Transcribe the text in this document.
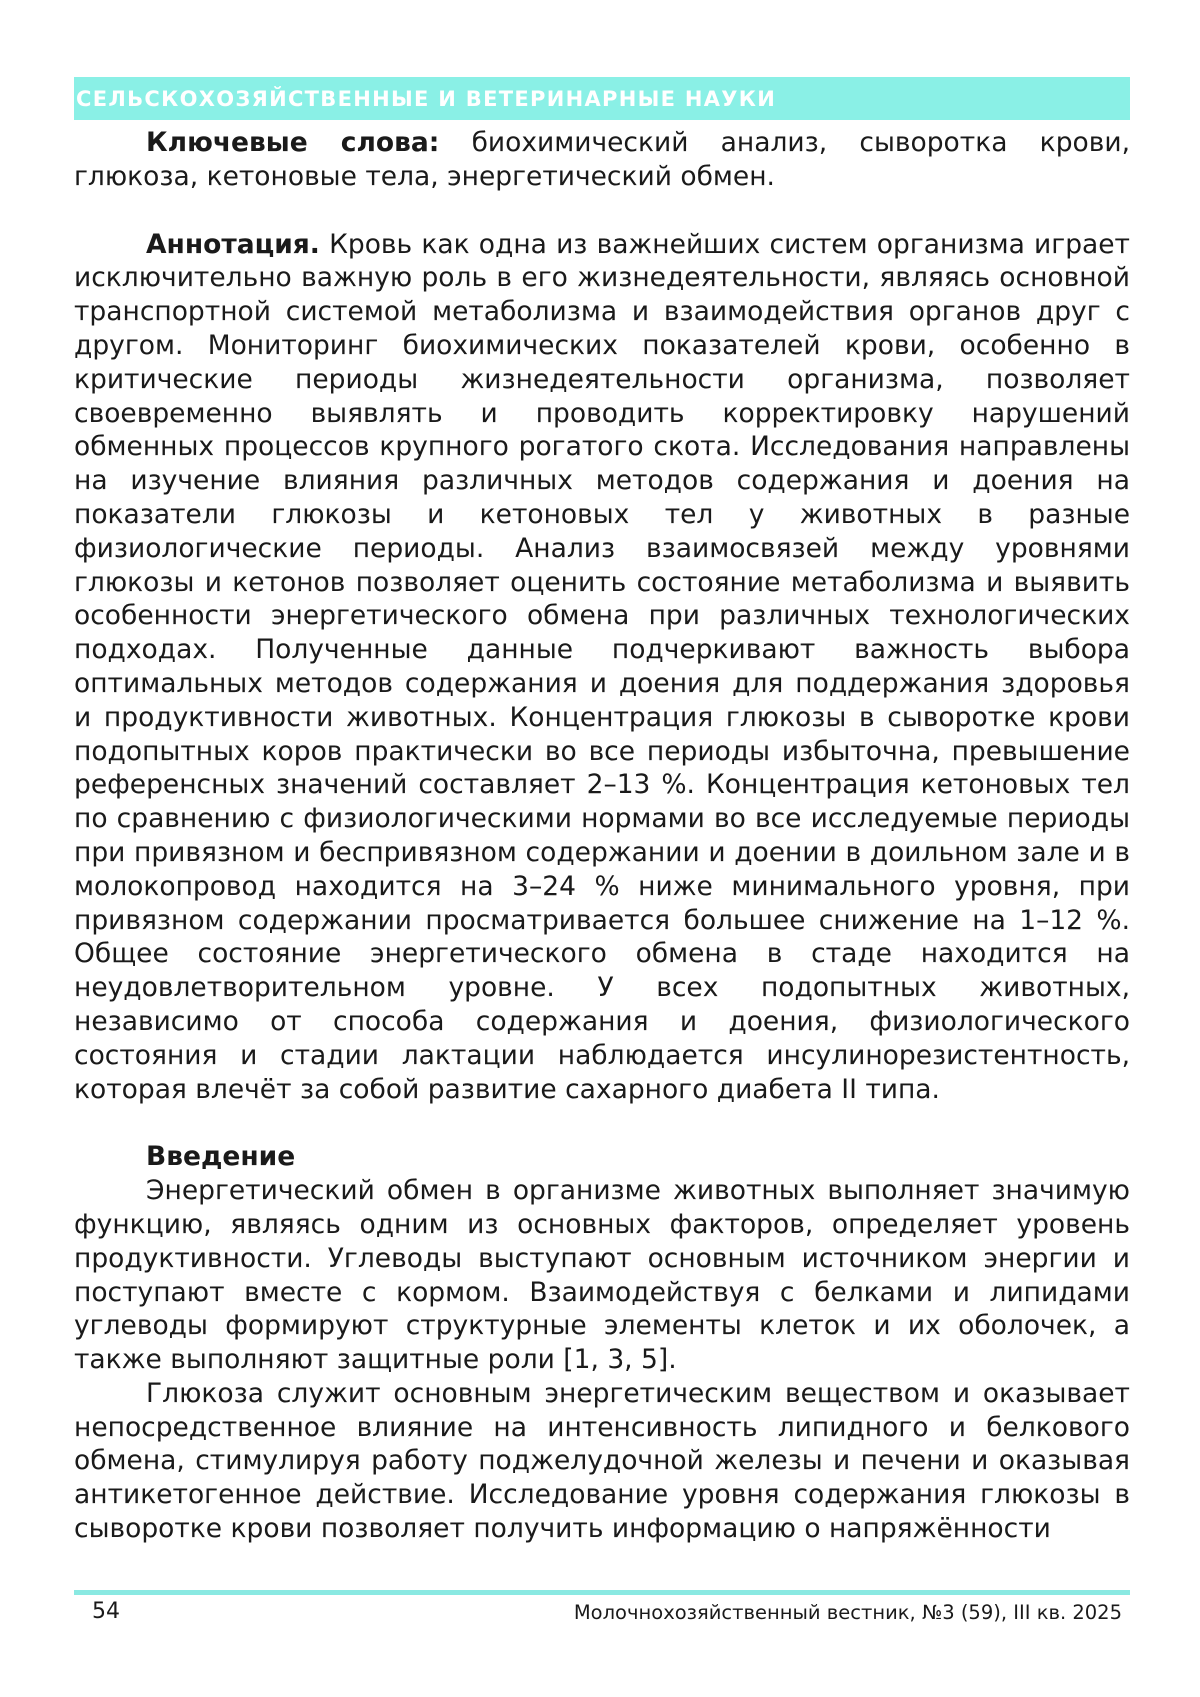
СЕЛЬСКОХОЗЯЙСТВЕННЫЕ И ВЕТЕРИНАРНЫЕ НАУКИ

Ключевые слова: биохимический анализ, сыворотка крови, глюкоза, кетоновые тела, энергетический обмен.

Аннотация. Кровь как одна из важнейших систем организма играет исключительно важную роль в его жизнедеятельности, являясь основной транспортной системой метаболизма и взаимодействия органов друг с другом. Мониторинг биохимических показателей крови, особенно в критические периоды жизнедеятельности организма, позволяет своевременно выявлять и проводить корректировку нарушений обменных процессов крупного рогатого скота. Исследования направлены на изучение влияния различных методов содержания и доения на показатели глюкозы и кетоновых тел у животных в разные физиологические периоды. Анализ взаимосвязей между уровнями глюкозы и кетонов позволяет оценить состояние метаболизма и выявить особенности энергетического обмена при различных технологических подходах. Полученные данные подчеркивают важность выбора оптимальных методов содержания и доения для поддержания здоровья и продуктивности животных. Концентрация глюкозы в сыворотке крови подопытных коров практически во все периоды избыточна, превышение референсных значений составляет 2–13 %. Концентрация кетоновых тел по сравнению с физиологическими нормами во все исследуемые периоды при привязном и беспривязном содержании и доении в доильном зале и в молокопровод находится на 3–24 % ниже минимального уровня, при привязном содержании просматривается большее снижение на 1–12 %. Общее состояние энергетического обмена в стаде находится на неудовлетворительном уровне. У всех подопытных животных, независимо от способа содержания и доения, физиологического состояния и стадии лактации наблюдается инсулинорезистентность, которая влечёт за собой развитие сахарного диабета II типа.

Введение

Энергетический обмен в организме животных выполняет значимую функцию, являясь одним из основных факторов, определяет уровень продуктивности. Углеводы выступают основным источником энергии и поступают вместе с кормом. Взаимодействуя с белками и липидами углеводы формируют структурные элементы клеток и их оболочек, а также выполняют защитные роли [1, 3, 5].

Глюкоза служит основным энергетическим веществом и оказывает непосредственное влияние на интенсивность липидного и белкового обмена, стимулируя работу поджелудочной железы и печени и оказывая антикетогенное действие. Исследование уровня содержания глюкозы в сыворотке крови позволяет получить информацию о напряжённости

54	Молочнохозяйственный вестник, №3 (59), III кв. 2025
